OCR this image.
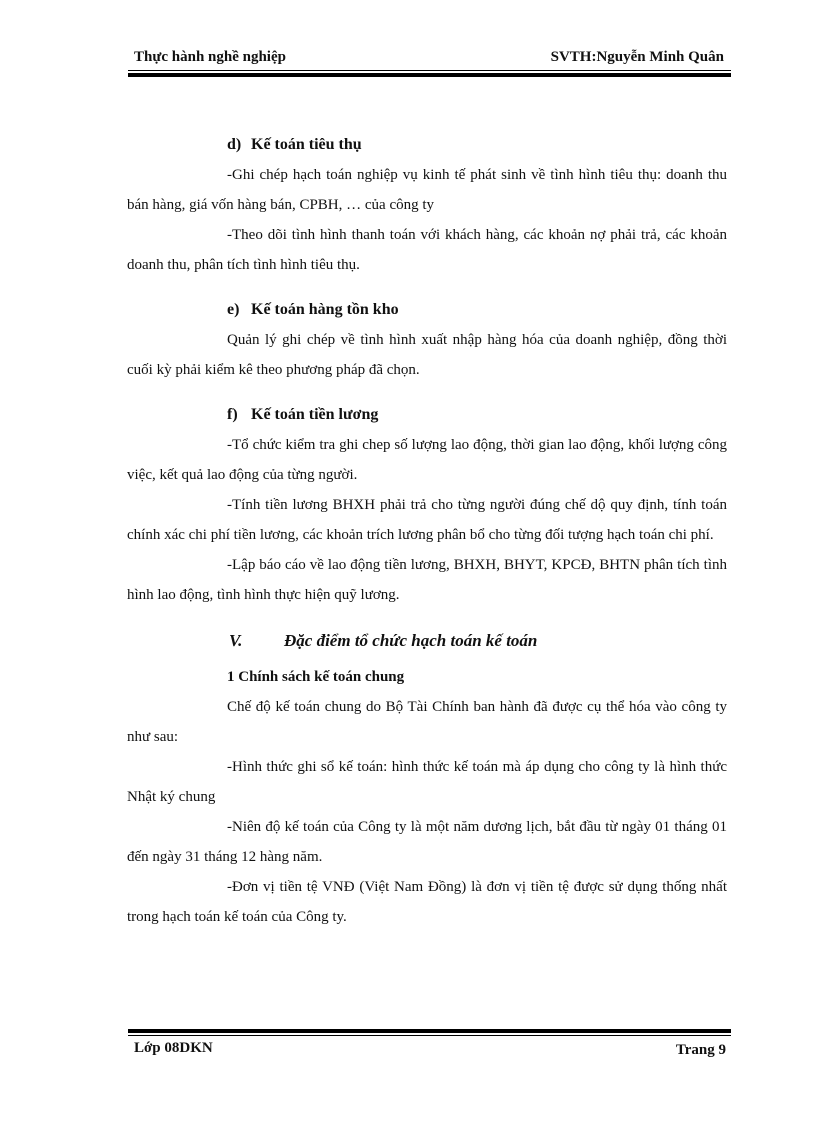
Thực hành nghề nghiệp	SVTH:Nguyễn Minh Quân

d) Kế toán tiêu thụ

-Ghi chép hạch toán nghiệp vụ kinh tế phát sinh về tình hình tiêu thụ: doanh thu bán hàng, giá vốn hàng bán, CPBH, … của công ty

-Theo dõi tình hình thanh toán với khách hàng, các khoản nợ phải trả, các khoản doanh thu, phân tích tình hình tiêu thụ.

e) Kế toán hàng tồn kho

Quản lý ghi chép về tình hình xuất nhập hàng hóa của doanh nghiệp, đồng thời cuối kỳ phải kiểm kê theo phương pháp đã chọn.

f) Kế toán tiền lương

-Tổ chức kiểm tra ghi chep số lượng lao động, thời gian lao động, khối lượng công việc, kết quả lao động của từng người.

-Tính tiền lương BHXH phải trả cho từng người đúng chế dộ quy định, tính toán chính xác chi phí tiền lương, các khoản trích lương phân bổ cho từng đối tượng hạch toán chi phí.

-Lập báo cáo về lao động tiền lương, BHXH, BHYT, KPCĐ, BHTN phân tích tình hình lao động, tình hình thực hiện quỹ lương.

V. Đặc điểm tổ chức hạch toán kế toán

1 Chính sách kế toán chung

Chế độ kế toán chung do Bộ Tài Chính ban hành đã được cụ thể hóa vào công ty như sau:

-Hình thức ghi sổ kế toán: hình thức kế toán mà áp dụng cho công ty là hình thức Nhật ký chung

-Niên độ kế toán của Công ty là một năm dương lịch, bắt đầu từ ngày 01 tháng 01 đến ngày 31 tháng 12 hàng năm.

-Đơn vị tiền tệ VNĐ (Việt Nam Đồng) là đơn vị tiền tệ được sử dụng thống nhất trong hạch toán kế toán của Công ty.

Lớp 08DKN	Trang 9
